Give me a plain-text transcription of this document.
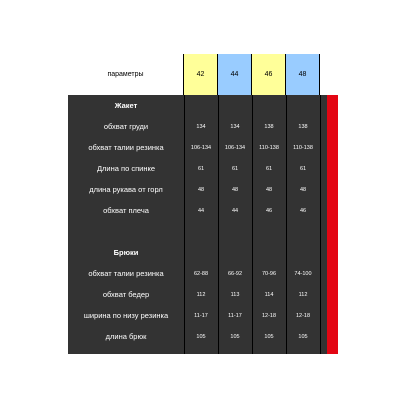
параметры	42	44	46	48
Жакет
обхват груди	134	134	138	138
обхват талии резинка	106-134	106-134	110-138	110-138
Длина по спинке	61	61	61	61
длина рукава от горл	48	48	48	48
обхват плеча	44	44	46	46
Брюки
обхват талии резинка	62-88	66-92	70-96	74-100
обхват бедер	112	113	114	112
ширина по низу резинка	11-17	11-17	12-18	12-18
длина брюк	105	105	105	105
рост	164	164	164	164
